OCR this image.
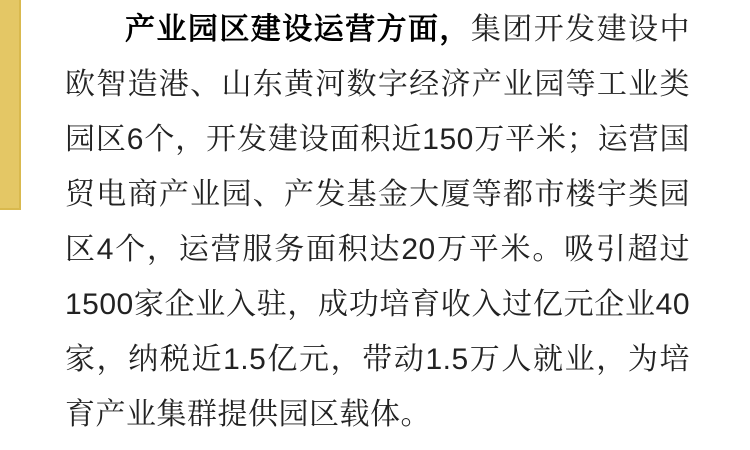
产业园区建设运营方面，集团开发建设中欧智造港、山东黄河数字经济产业园等工业类园区6个，开发建设面积近150万平米；运营国贸电商产业园、产发基金大厦等都市楼宇类园区4个，运营服务面积达20万平米。吸引超过1500家企业入驻，成功培育收入过亿元企业40家，纳税近1.5亿元，带动1.5万人就业，为培育产业集群提供园区载体。
